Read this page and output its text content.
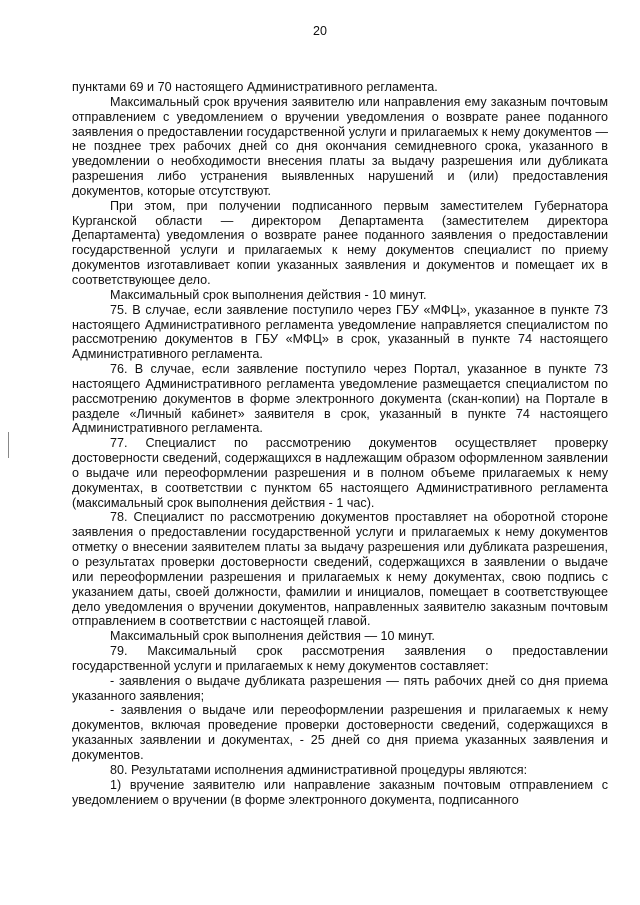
20

пунктами 69 и 70 настоящего Административного регламента.

Максимальный срок вручения заявителю или направления ему заказным почтовым отправлением с уведомлением о вручении уведомления о возврате ранее поданного заявления о предоставлении государственной услуги и прилагаемых к нему документов — не позднее трех рабочих дней со дня окончания семидневного срока, указанного в уведомлении о необходимости внесения платы за выдачу разрешения или дубликата разрешения либо устранения выявленных нарушений и (или) предоставления документов, которые отсутствуют.

При этом, при получении подписанного первым заместителем Губернатора Курганской области — директором Департамента (заместителем директора Департамента) уведомления о возврате ранее поданного заявления о предоставлении государственной услуги и прилагаемых к нему документов специалист по приему документов изготавливает копии указанных заявления и документов и помещает их в соответствующее дело.

Максимальный срок выполнения действия - 10 минут.

75. В случае, если заявление поступило через ГБУ «МФЦ», указанное в пункте 73 настоящего Административного регламента уведомление направляется специалистом по рассмотрению документов в ГБУ «МФЦ» в срок, указанный в пункте 74 настоящего Административного регламента.

76. В случае, если заявление поступило через Портал, указанное в пункте 73 настоящего Административного регламента уведомление размещается специалистом по рассмотрению документов в форме электронного документа (скан-копии) на Портале в разделе «Личный кабинет» заявителя в срок, указанный в пункте 74 настоящего Административного регламента.

77. Специалист по рассмотрению документов осуществляет проверку достоверности сведений, содержащихся в надлежащим образом оформленном заявлении о выдаче или переоформлении разрешения и в полном объеме прилагаемых к нему документах, в соответствии с пунктом 65 настоящего Административного регламента (максимальный срок выполнения действия - 1 час).

78. Специалист по рассмотрению документов проставляет на оборотной стороне заявления о предоставлении государственной услуги и прилагаемых к нему документов отметку о внесении заявителем платы за выдачу разрешения или дубликата разрешения, о результатах проверки достоверности сведений, содержащихся в заявлении о выдаче или переоформлении разрешения и прилагаемых к нему документах, свою подпись с указанием даты, своей должности, фамилии и инициалов, помещает в соответствующее дело уведомления о вручении документов, направленных заявителю заказным почтовым отправлением в соответствии с настоящей главой.

Максимальный срок выполнения действия — 10 минут.

79. Максимальный срок рассмотрения заявления о предоставлении государственной услуги и прилагаемых к нему документов составляет:

- заявления о выдаче дубликата разрешения — пять рабочих дней со дня приема указанного заявления;

- заявления о выдаче или переоформлении разрешения и прилагаемых к нему документов, включая проведение проверки достоверности сведений, содержащихся в указанных заявлении и документах, - 25 дней со дня приема указанных заявления и документов.

80. Результатами исполнения административной процедуры являются:

1) вручение заявителю или направление заказным почтовым отправлением с уведомлением о вручении (в форме электронного документа, подписанного
